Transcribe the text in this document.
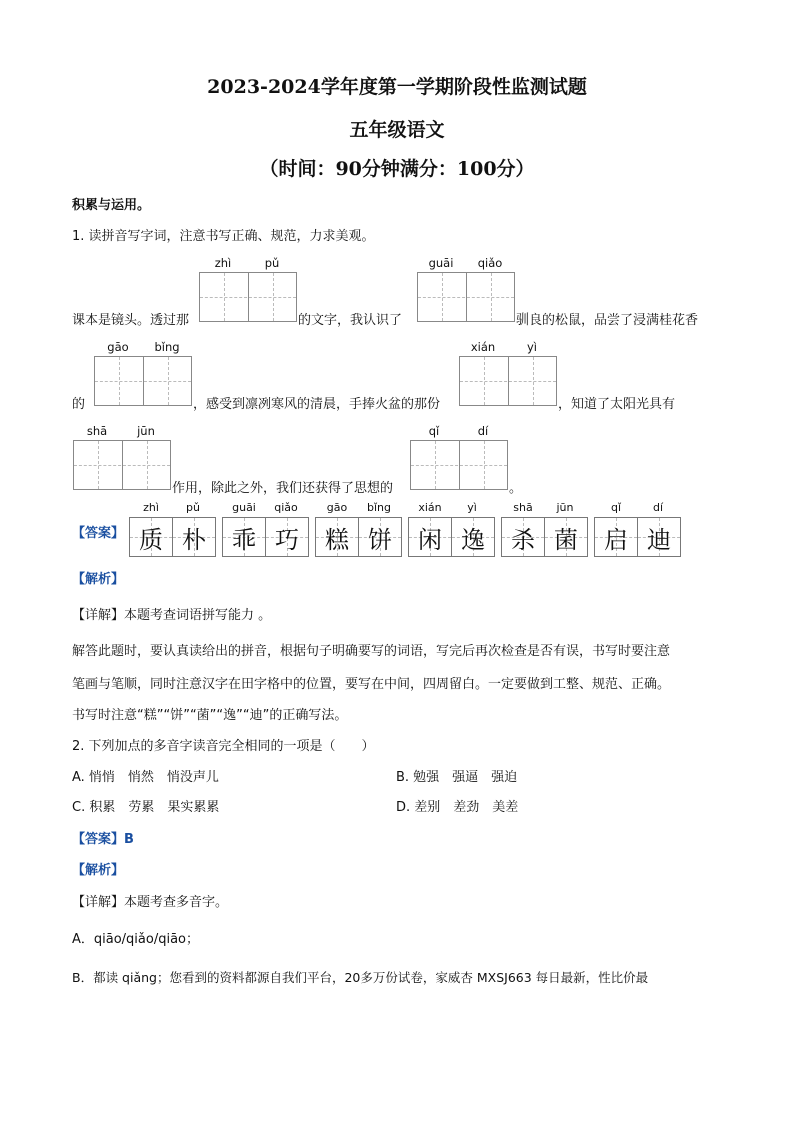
2023-2024学年度第一学期阶段性监测试题
五年级语文
（时间：90分钟满分：100分）
积累与运用。
1. 读拼音写字词，注意书写正确、规范，力求美观。
zhì	pǔ	guāi	qiǎo
课本是镜头。透过那	的文字，我认识了	驯良的松鼠，品尝了浸满桂花香
gāo	bǐng	xián	yì
的	，感受到凛冽寒风的清晨，手捧火盆的那份	，知道了太阳光具有
shā	jūn	qǐ	dí
作用，除此之外，我们还获得了思想的	。
【答案】
zhì	pǔ	guāi	qiǎo	gāo	bǐng	xián	yì	shā	jūn	qǐ	dí
质 朴 乖 巧 糕 饼 闲 逸 杀 菌 启 迪
【解析】
【详解】本题考查词语拼写能力 。
解答此题时，要认真读给出的拼音，根据句子明确要写的词语，写完后再次检查是否有误，书写时要注意
笔画与笔顺，同时注意汉字在田字格中的位置，要写在中间，四周留白。一定要做到工整、规范、正确。
书写时注意“糕”“饼”“菌”“逸”“迪”的正确写法。
2. 下列加点的多音字读音完全相同的一项是（　　）
A. 悄悄　悄然　悄没声儿	B. 勉强　强逼　强迫
C. 积累　劳累　果实累累	D. 差别　差劲　美差
【答案】B
【解析】
【详解】本题考查多音字。
A．qiāo/qiǎo/qiāo；
B．都读 qiǎng；您看到的资料都源自我们平台，20多万份试卷，家威杏 MXSJ663 每日最新，性比价最
